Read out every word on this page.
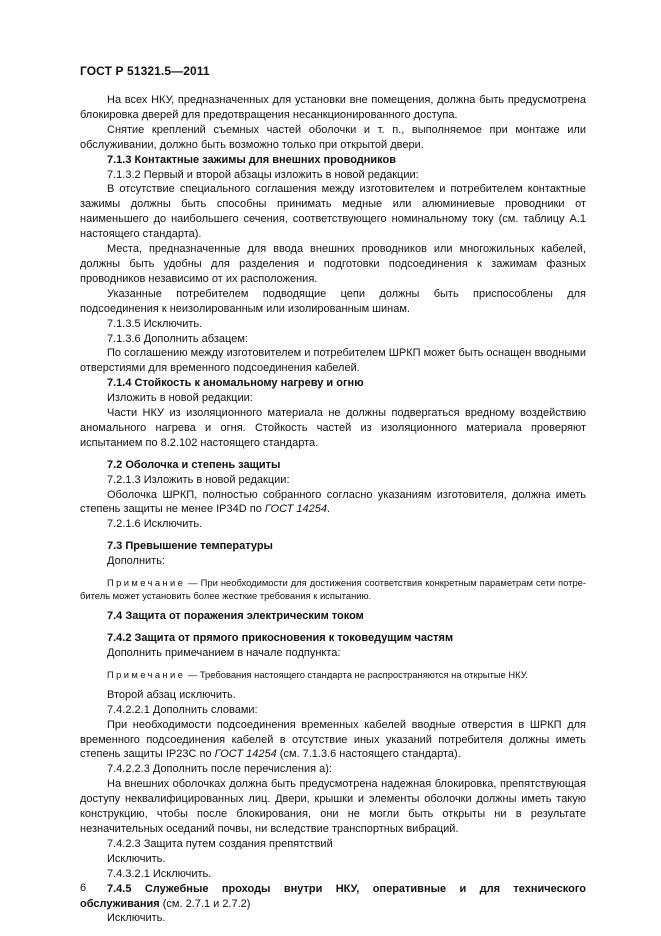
ГОСТ Р 51321.5—2011

На всех НКУ, предназначенных для установки вне помещения, должна быть предусмотрена блокировка дверей для предотвращения несанкционированного доступа.

Снятие креплений съемных частей оболочки и т. п., выполняемое при монтаже или обслуживании, должно быть возможно только при открытой двери.

7.1.3 Контактные зажимы для внешних проводников

7.1.3.2 Первый и второй абзацы изложить в новой редакции:

В отсутствие специального соглашения между изготовителем и потребителем контактные зажимы должны быть способны принимать медные или алюминиевые проводники от наименьшего до наибольшего сечения, соответствующего номинальному току (см. таблицу А.1 настоящего стандарта).

Места, предназначенные для ввода внешних проводников или многожильных кабелей, должны быть удобны для разделения и подготовки подсоединения к зажимам фазных проводников независимо от их расположения.

Указанные потребителем подводящие цепи должны быть приспособлены для подсоединения к неизолированным или изолированным шинам.

7.1.3.5 Исключить.

7.1.3.6 Дополнить абзацем:

По соглашению между изготовителем и потребителем ШРКП может быть оснащен вводными отверстиями для временного подсоединения кабелей.

7.1.4 Стойкость к аномальному нагреву и огню

Изложить в новой редакции:

Части НКУ из изоляционного материала не должны подвергаться вредному воздействию аномального нагрева и огня. Стойкость частей из изоляционного материала проверяют испытанием по 8.2.102 настоящего стандарта.

7.2 Оболочка и степень защиты

7.2.1.3 Изложить в новой редакции:

Оболочка ШРКП, полностью собранного согласно указаниям изготовителя, должна иметь степень защиты не менее IP34D по ГОСТ 14254.

7.2.1.6 Исключить.

7.3 Превышение температуры

Дополнить:

Примечание — При необходимости для достижения соответствия конкретным параметрам сети потребитель может установить более жесткие требования к испытанию.

7.4 Защита от поражения электрическим током

7.4.2 Защита от прямого прикосновения к токоведущим частям

Дополнить примечанием в начале подпункта:

Примечание — Требования настоящего стандарта не распространяются на открытые НКУ.

Второй абзац исключить.

7.4.2.2.1 Дополнить словами:

При необходимости подсоединения временных кабелей вводные отверстия в ШРКП для временного подсоединения кабелей в отсутствие иных указаний потребителя должны иметь степень защиты IP23C по ГОСТ 14254 (см. 7.1.3.6 настоящего стандарта).

7.4.2.2.3 Дополнить после перечисления а):

На внешних оболочках должна быть предусмотрена надежная блокировка, препятствующая доступу неквалифицированных лиц. Двери, крышки и элементы оболочки должны иметь такую конструкцию, чтобы после блокирования, они не могли быть открыты ни в результате незначительных оседаний почвы, ни вследствие транспортных вибраций.

7.4.2.3 Защита путем создания препятствий

Исключить.

7.4.3.2.1 Исключить.

7.4.5 Служебные проходы внутри НКУ, оперативные и для технического обслуживания (см. 2.7.1 и 2.7.2)

Исключить.

6
